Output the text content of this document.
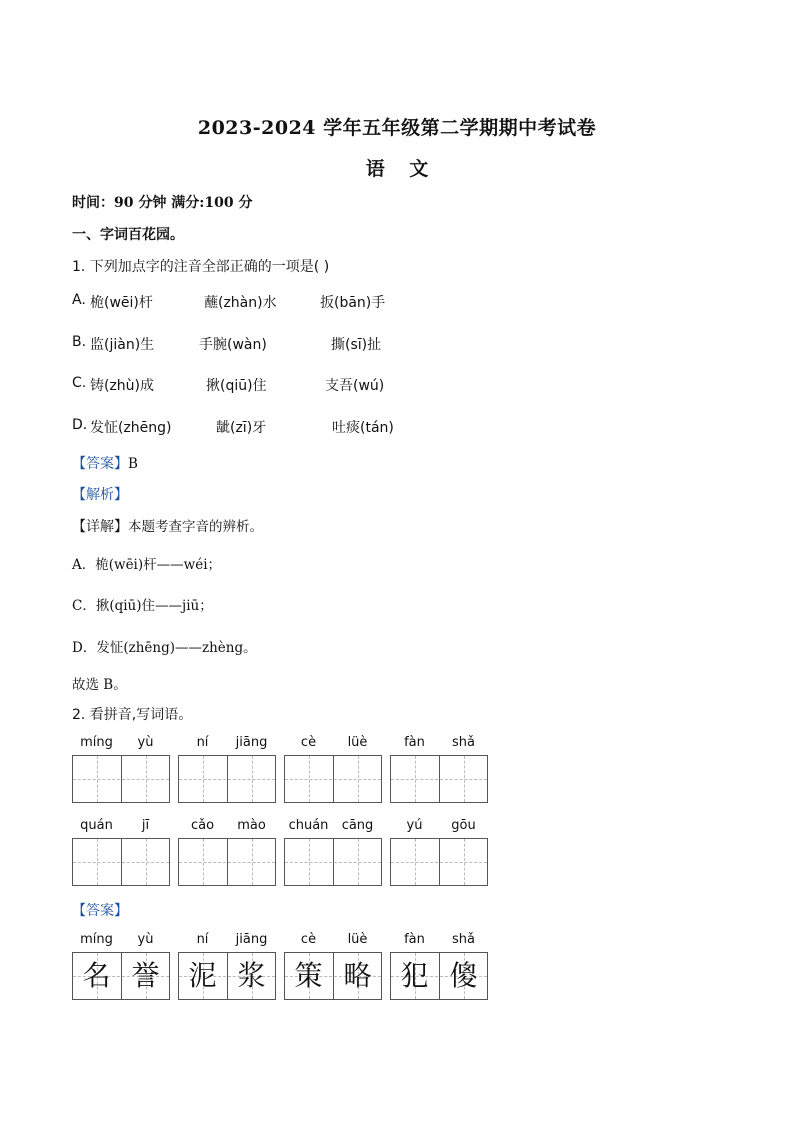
2023-2024 学年五年级第二学期期中考试卷
语 文
时间：90 分钟 满分:100 分
一、字词百花园。
1. 下列加点字的注音全部正确的一项是( )
A. 桅(wēi)杆	蘸(zhàn)水	扳(bān)手
B. 监(jiàn)生	手腕(wàn)	撕(sī)扯
C. 铸(zhù)成	揪(qiū)住	支吾(wú)
D. 发怔(zhēng)	龇(zī)牙	吐痰(tán)
【答案】B
【解析】
【详解】本题考查字音的辨析。
A．桅(wēi)杆——wéi；
C．揪(qiū)住——jiū；
D．发怔(zhēng)——zhèng。
故选 B。
2. 看拼音,写词语。
míng	yù	ní	jiāng	cè	lüè	fàn	shǎ
quán	jī	cǎo	mào	chuán	cāng	yú	gōu
【答案】
míng	yù
名 誉
ní	jiāng
泥 浆
cè	lüè
策 略
fàn	shǎ
犯 傻
